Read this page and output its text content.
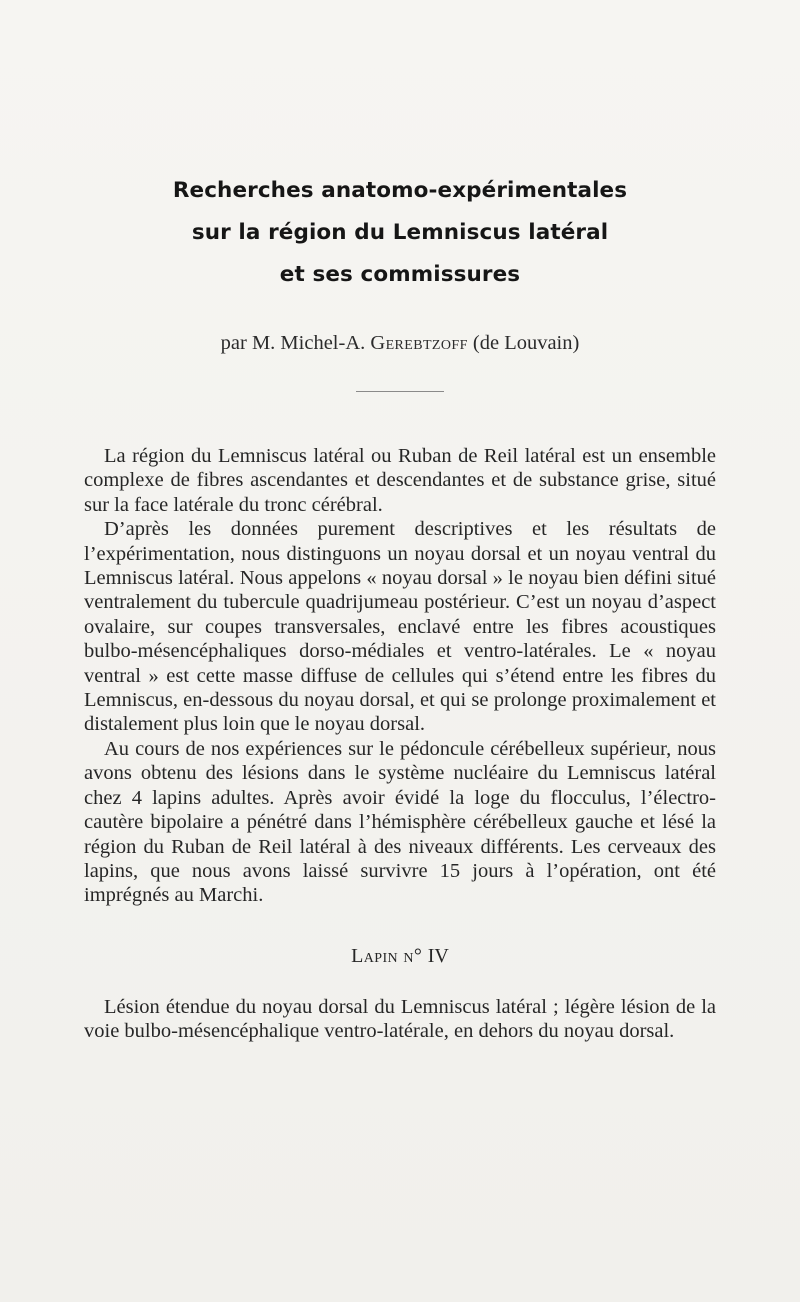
Recherches anatomo-expérimentales
sur la région du Lemniscus latéral
et ses commissures
par M. Michel-A. Gerebtzoff (de Louvain)

La région du Lemniscus latéral ou Ruban de Reil latéral est un ensemble complexe de fibres ascendantes et descendantes et de substance grise, situé sur la face latérale du tronc cérébral.

D’après les données purement descriptives et les résultats de l’expérimentation, nous distinguons un noyau dorsal et un noyau ventral du Lemniscus latéral. Nous appelons « noyau dorsal » le noyau bien défini situé ventralement du tubercule quadrijumeau postérieur. C’est un noyau d’aspect ovalaire, sur coupes transversales, enclavé entre les fibres acoustiques bulbo-mésencéphaliques dorso-médiales et ventro-latérales. Le « noyau ventral » est cette masse diffuse de cellules qui s’étend entre les fibres du Lemniscus, en-dessous du noyau dorsal, et qui se prolonge proximalement et distalement plus loin que le noyau dorsal.

Au cours de nos expériences sur le pédoncule cérébelleux supérieur, nous avons obtenu des lésions dans le système nucléaire du Lemniscus latéral chez 4 lapins adultes. Après avoir évidé la loge du flocculus, l’électro-cautère bipolaire a pénétré dans l’hémisphère cérébelleux gauche et lésé la région du Ruban de Reil latéral à des niveaux différents. Les cerveaux des lapins, que nous avons laissé survivre 15 jours à l’opération, ont été imprégnés au Marchi.

Lapin n° IV

Lésion étendue du noyau dorsal du Lemniscus latéral ; légère lésion de la voie bulbo-mésencéphalique ventro-latérale, en dehors du noyau dorsal.
